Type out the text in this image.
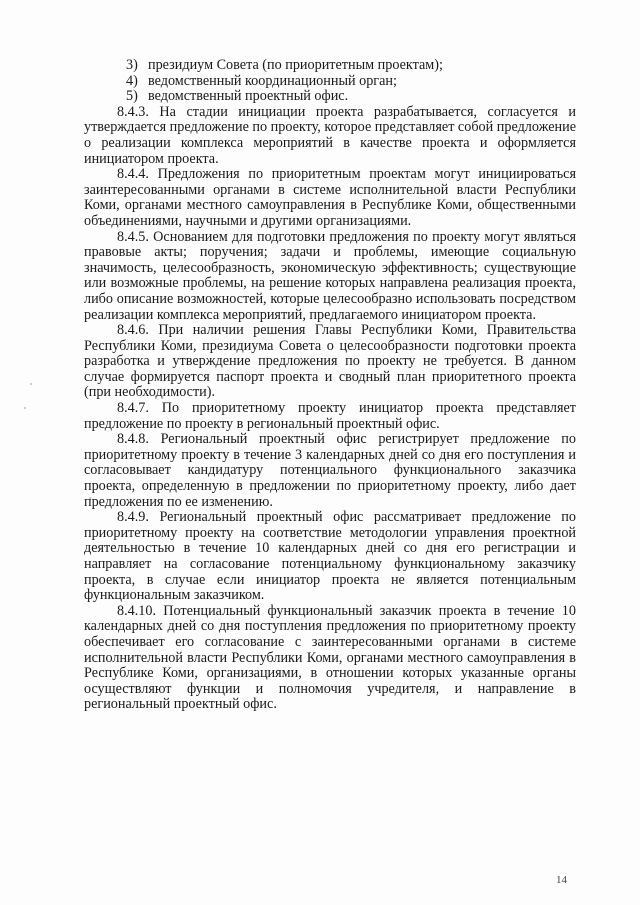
3) президиум Совета (по приоритетным проектам);
4) ведомственный координационный орган;
5) ведомственный проектный офис.

8.4.3. На стадии инициации проекта разрабатывается, согласуется и утверждается предложение по проекту, которое представляет собой предложение о реализации комплекса мероприятий в качестве проекта и оформляется инициатором проекта.

8.4.4. Предложения по приоритетным проектам могут инициироваться заинтересованными органами в системе исполнительной власти Республики Коми, органами местного самоуправления в Республике Коми, общественными объединениями, научными и другими организациями.

8.4.5. Основанием для подготовки предложения по проекту могут являться правовые акты; поручения; задачи и проблемы, имеющие социальную значимость, целесообразность, экономическую эффективность; существующие или возможные проблемы, на решение которых направлена реализация проекта, либо описание возможностей, которые целесообразно использовать посредством реализации комплекса мероприятий, предлагаемого инициатором проекта.

8.4.6. При наличии решения Главы Республики Коми, Правительства Республики Коми, президиума Совета о целесообразности подготовки проекта разработка и утверждение предложения по проекту не требуется. В данном случае формируется паспорт проекта и сводный план приоритетного проекта (при необходимости).

8.4.7. По приоритетному проекту инициатор проекта представляет предложение по проекту в региональный проектный офис.

8.4.8. Региональный проектный офис регистрирует предложение по приоритетному проекту в течение 3 календарных дней со дня его поступления и согласовывает кандидатуру потенциального функционального заказчика проекта, определенную в предложении по приоритетному проекту, либо дает предложения по ее изменению.

8.4.9. Региональный проектный офис рассматривает предложение по приоритетному проекту на соответствие методологии управления проектной деятельностью в течение 10 календарных дней со дня его регистрации и направляет на согласование потенциальному функциональному заказчику проекта, в случае если инициатор проекта не является потенциальным функциональным заказчиком.

8.4.10. Потенциальный функциональный заказчик проекта в течение 10 календарных дней со дня поступления предложения по приоритетному проекту обеспечивает его согласование с заинтересованными органами в системе исполнительной власти Республики Коми, органами местного самоуправления в Республике Коми, организациями, в отношении которых указанные органы осуществляют функции и полномочия учредителя, и направление в региональный проектный офис.

14
